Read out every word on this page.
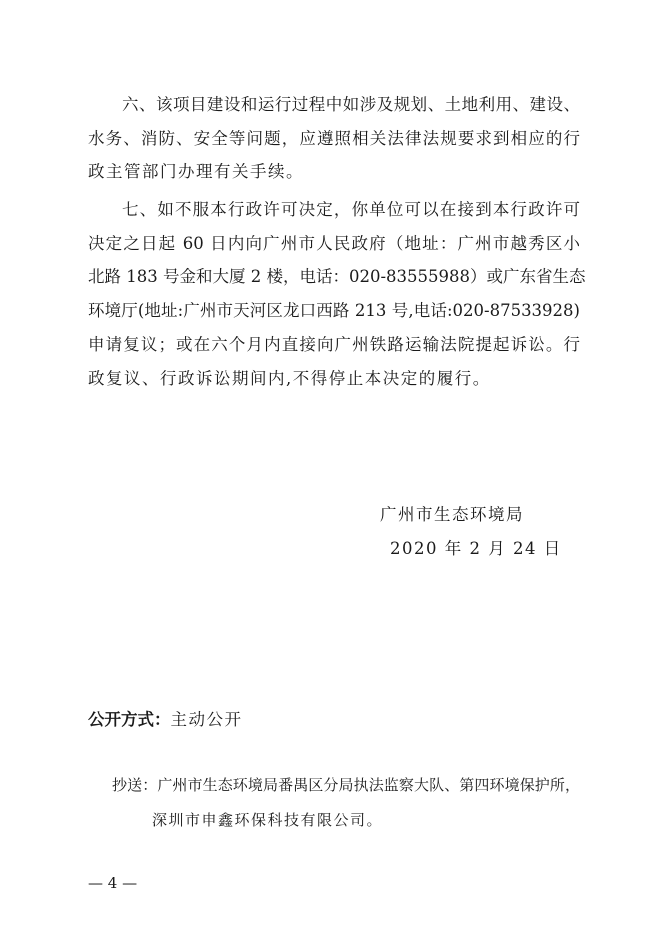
六、该项目建设和运行过程中如涉及规划、土地利用、建设、
水务、消防、安全等问题，应遵照相关法律法规要求到相应的行
政主管部门办理有关手续。
七、如不服本行政许可决定，你单位可以在接到本行政许可
决定之日起 60 日内向广州市人民政府（地址：广州市越秀区小
北路 183 号金和大厦 2 楼，电话：020-83555988）或广东省生态
环境厅(地址:广州市天河区龙口西路 213 号,电话:020-87533928)
申请复议；或在六个月内直接向广州铁路运输法院提起诉讼。行
政复议、行政诉讼期间内,不得停止本决定的履行。
广州市生态环境局
2020 年 2 月 24 日
公开方式：主动公开
抄送：广州市生态环境局番禺区分局执法监察大队、第四环境保护所，
深圳市申鑫环保科技有限公司。
— 4 —
